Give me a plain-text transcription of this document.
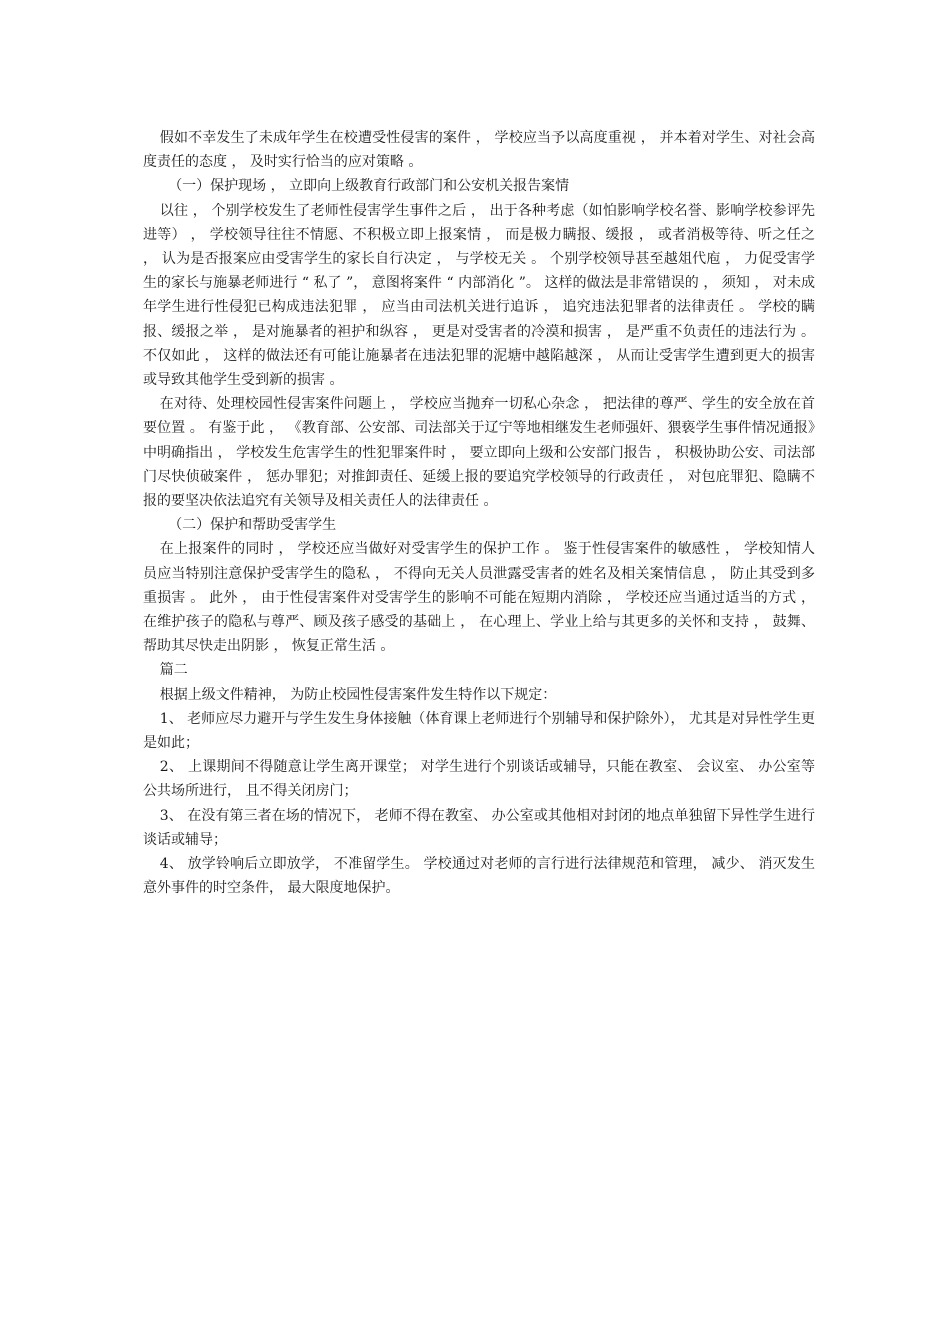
假如不幸发生了未成年学生在校遭受性侵害的案件 ， 学校应当予以高度重视 ， 并本着对学生、对社会高度责任的态度 ， 及时实行恰当的应对策略 。

（一）保护现场 ， 立即向上级教育行政部门和公安机关报告案情

以往 ， 个别学校发生了老师性侵害学生事件之后 ， 出于各种考虑（如怕影响学校名誉、影响学校参评先进等） ， 学校领导往往不情愿、不积极立即上报案情 ， 而是极力瞒报、缓报 ， 或者消极等待、听之任之 ， 认为是否报案应由受害学生的家长自行决定 ， 与学校无关 。 个别学校领导甚至越俎代庖 ， 力促受害学生的家长与施暴老师进行 “ 私了 ”， 意图将案件 “ 内部消化 ”。 这样的做法是非常错误的 ， 须知 ， 对未成年学生进行性侵犯已构成违法犯罪 ， 应当由司法机关进行追诉 ， 追究违法犯罪者的法律责任 。 学校的瞒报、缓报之举 ， 是对施暴者的袒护和纵容 ， 更是对受害者的冷漠和损害 ， 是严重不负责任的违法行为 。 不仅如此 ， 这样的做法还有可能让施暴者在违法犯罪的泥塘中越陷越深 ， 从而让受害学生遭到更大的损害或导致其他学生受到新的损害 。

在对待、处理校园性侵害案件问题上 ， 学校应当抛弃一切私心杂念 ， 把法律的尊严、学生的安全放在首要位置 。 有鉴于此 ， 《教育部、公安部、司法部关于辽宁等地相继发生老师强奸、猥亵学生事件情况通报》中明确指出 ， 学校发生危害学生的性犯罪案件时 ， 要立即向上级和公安部门报告 ， 积极协助公安、司法部门尽快侦破案件 ， 惩办罪犯；对推卸责任、延缓上报的要追究学校领导的行政责任 ， 对包庇罪犯、隐瞒不报的要坚决依法追究有关领导及相关责任人的法律责任 。

（二）保护和帮助受害学生

在上报案件的同时 ， 学校还应当做好对受害学生的保护工作 。 鉴于性侵害案件的敏感性 ， 学校知情人员应当特别注意保护受害学生的隐私 ， 不得向无关人员泄露受害者的姓名及相关案情信息 ， 防止其受到多重损害 。 此外 ， 由于性侵害案件对受害学生的影响不可能在短期内消除 ， 学校还应当通过适当的方式 ， 在维护孩子的隐私与尊严、顾及孩子感受的基础上 ， 在心理上、学业上给与其更多的关怀和支持 ， 鼓舞、帮助其尽快走出阴影 ， 恢复正常生活 。

篇二

根据上级文件精神， 为防止校园性侵害案件发生特作以下规定：

1、 老师应尽力避开与学生发生身体接触（体育课上老师进行个别辅导和保护除外）， 尤其是对异性学生更是如此；

2、 上课期间不得随意让学生离开课堂； 对学生进行个别谈话或辅导，只能在教室、 会议室、 办公室等公共场所进行， 且不得关闭房门；

3、 在没有第三者在场的情况下， 老师不得在教室、 办公室或其他相对封闭的地点单独留下异性学生进行谈话或辅导；

4、 放学铃响后立即放学， 不准留学生。 学校通过对老师的言行进行法律规范和管理， 减少、 消灭发生意外事件的时空条件， 最大限度地保护。
